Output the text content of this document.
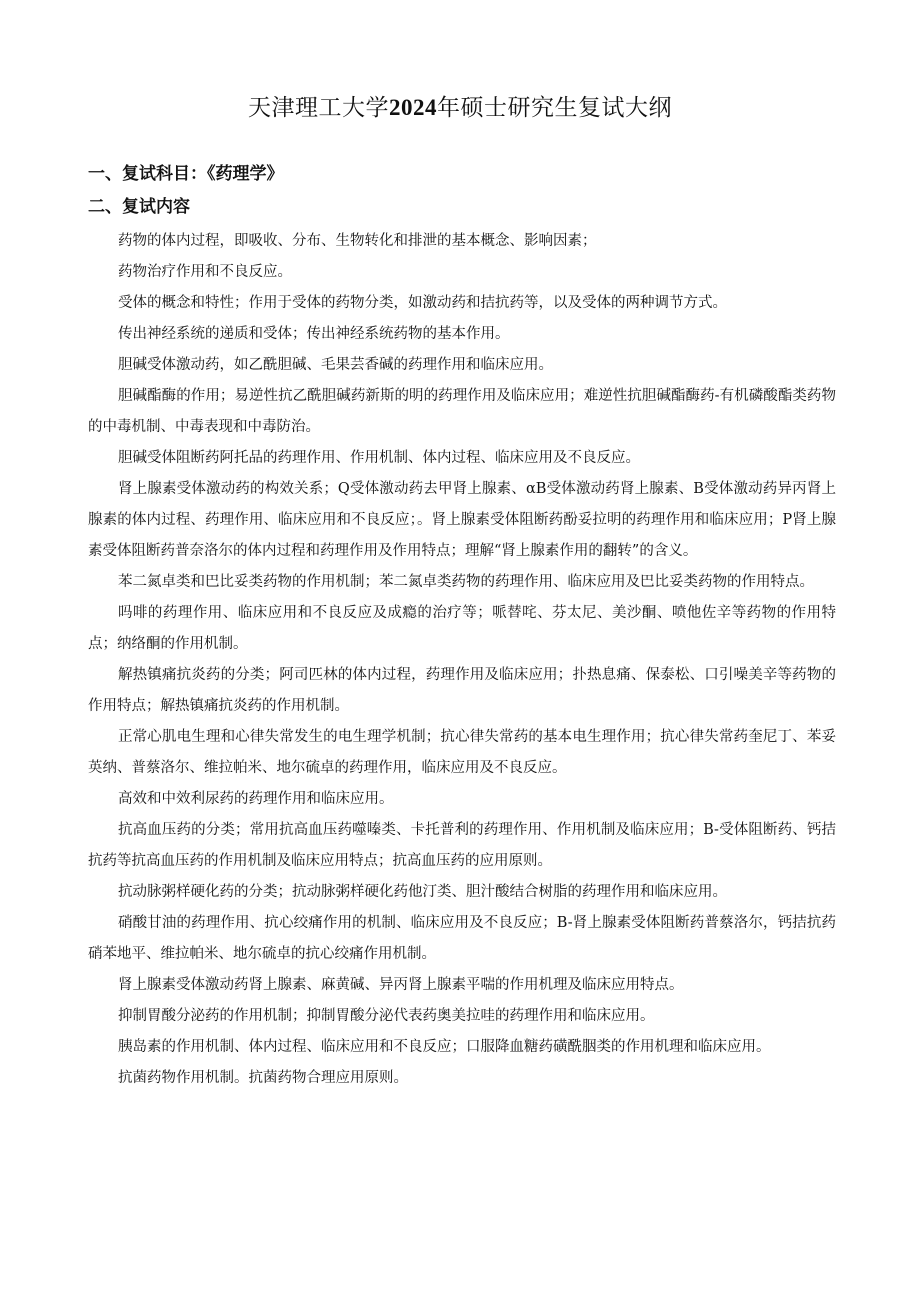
天津理工大学2024年硕士研究生复试大纲
一、复试科目：《药理学》
二、复试内容

药物的体内过程，即吸收、分布、生物转化和排泄的基本概念、影响因素；

药物治疗作用和不良反应。

受体的概念和特性；作用于受体的药物分类，如激动药和拮抗药等，以及受体的两种调节方式。

传出神经系统的递质和受体；传出神经系统药物的基本作用。

胆碱受体激动药，如乙酰胆碱、毛果芸香碱的药理作用和临床应用。

胆碱酯酶的作用；易逆性抗乙酰胆碱药新斯的明的药理作用及临床应用；难逆性抗胆碱酯酶药-有机磷酸酯类药物的中毒机制、中毒表现和中毒防治。

胆碱受体阻断药阿托品的药理作用、作用机制、体内过程、临床应用及不良反应。

肾上腺素受体激动药的构效关系；Q受体激动药去甲肾上腺素、αB受体激动药肾上腺素、B受体激动药异丙肾上腺素的体内过程、药理作用、临床应用和不良反应；。肾上腺素受体阻断药酚妥拉明的药理作用和临床应用；P肾上腺素受体阻断药普奈洛尔的体内过程和药理作用及作用特点；理解“肾上腺素作用的翻转”的含义。

苯二氮卓类和巴比妥类药物的作用机制；苯二氮卓类药物的药理作用、临床应用及巴比妥类药物的作用特点。

吗啡的药理作用、临床应用和不良反应及成瘾的治疗等；哌替咤、芬太尼、美沙酮、喷他佐辛等药物的作用特点；纳络酮的作用机制。

解热镇痛抗炎药的分类；阿司匹林的体内过程，药理作用及临床应用；扑热息痛、保泰松、口引噪美辛等药物的作用特点；解热镇痛抗炎药的作用机制。

正常心肌电生理和心律失常发生的电生理学机制；抗心律失常药的基本电生理作用；抗心律失常药奎尼丁、苯妥英纳、普蔡洛尔、维拉帕米、地尔硫卓的药理作用，临床应用及不良反应。

高效和中效利尿药的药理作用和临床应用。

抗高血压药的分类；常用抗高血压药噬嗪类、卡托普利的药理作用、作用机制及临床应用；B-受体阻断药、钙拮抗药等抗高血压药的作用机制及临床应用特点；抗高血压药的应用原则。

抗动脉粥样硬化药的分类；抗动脉粥样硬化药他汀类、胆汁酸结合树脂的药理作用和临床应用。

硝酸甘油的药理作用、抗心绞痛作用的机制、临床应用及不良反应；B-肾上腺素受体阻断药普蔡洛尔，钙拮抗药硝苯地平、维拉帕米、地尔硫卓的抗心绞痛作用机制。

肾上腺素受体激动药肾上腺素、麻黄碱、异丙肾上腺素平喘的作用机理及临床应用特点。

抑制胃酸分泌药的作用机制；抑制胃酸分泌代表药奥美拉哇的药理作用和临床应用。

胰岛素的作用机制、体内过程、临床应用和不良反应；口服降血糖药磺酰胭类的作用机理和临床应用。

抗菌药物作用机制。抗菌药物合理应用原则。
